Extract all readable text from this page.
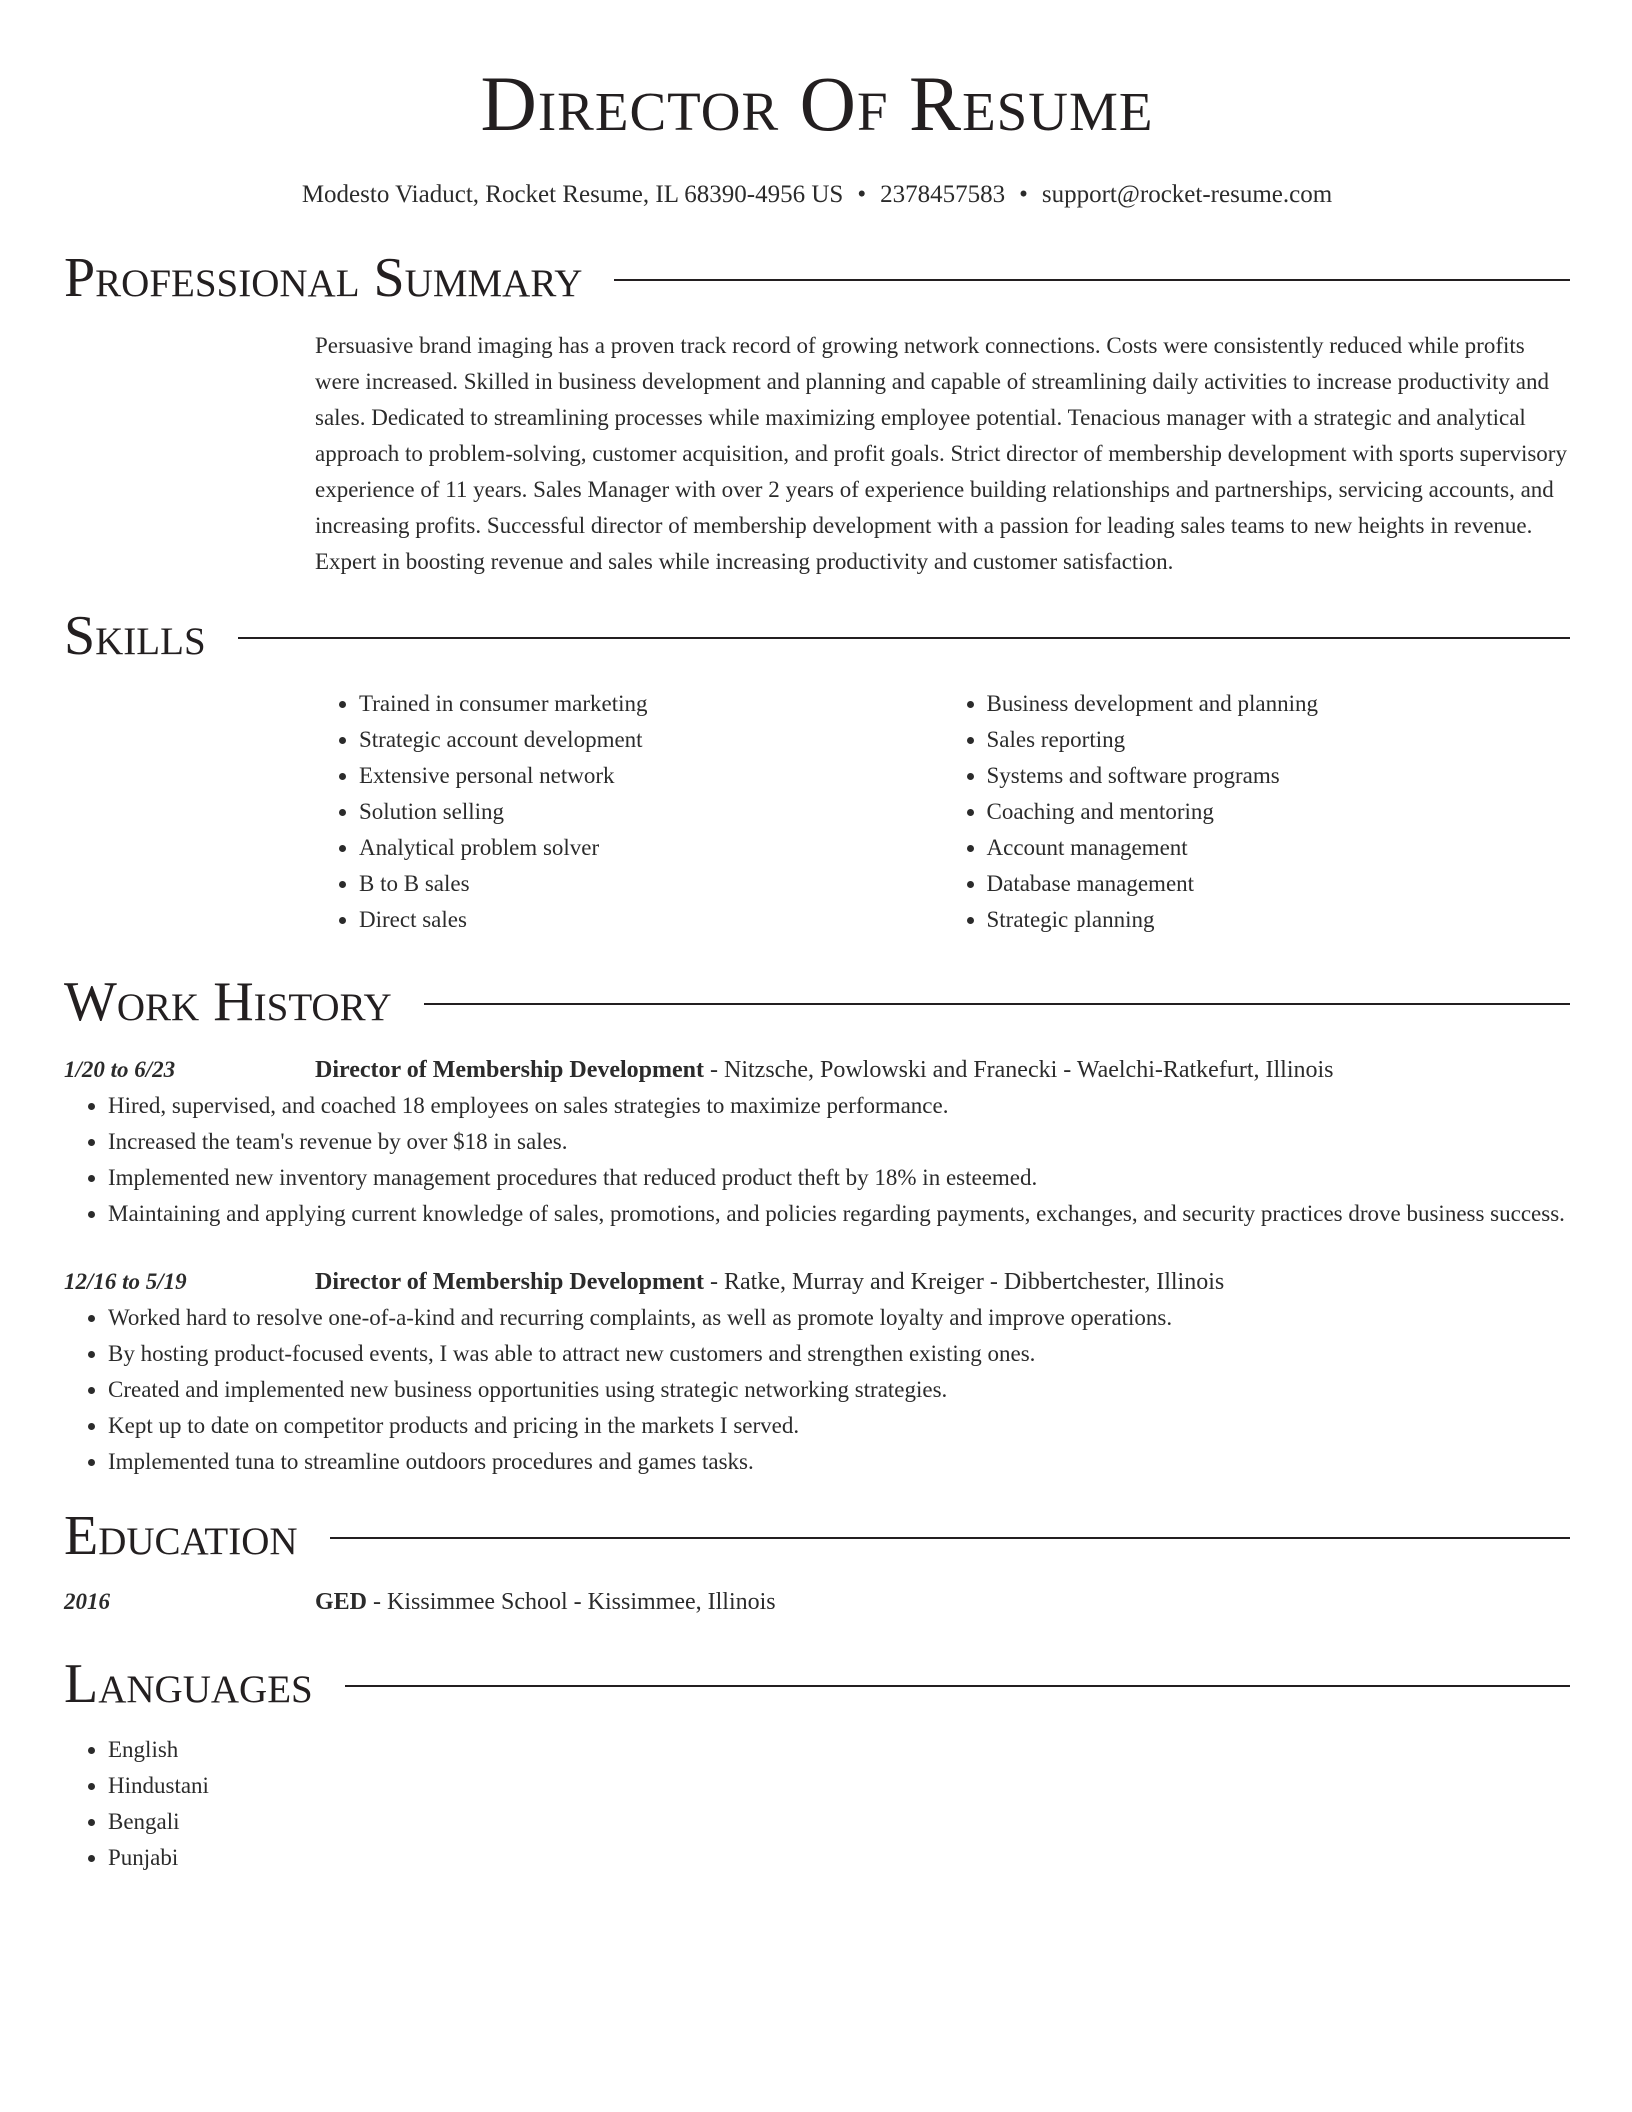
Director Of Resume
Modesto Viaduct, Rocket Resume, IL 68390-4956 US • 2378457583 • support@rocket-resume.com
Professional Summary

Persuasive brand imaging has a proven track record of growing network connections. Costs were consistently reduced while profits were increased. Skilled in business development and planning and capable of streamlining daily activities to increase productivity and sales. Dedicated to streamlining processes while maximizing employee potential. Tenacious manager with a strategic and analytical approach to problem-solving, customer acquisition, and profit goals. Strict director of membership development with sports supervisory experience of 11 years. Sales Manager with over 2 years of experience building relationships and partnerships, servicing accounts, and increasing profits. Successful director of membership development with a passion for leading sales teams to new heights in revenue. Expert in boosting revenue and sales while increasing productivity and customer satisfaction.

Skills
• Trained in consumer marketing
• Strategic account development
• Extensive personal network
• Solution selling
• Analytical problem solver
• B to B sales
• Direct sales
• Business development and planning
• Sales reporting
• Systems and software programs
• Coaching and mentoring
• Account management
• Database management
• Strategic planning
Work History
1/20 to 6/23	Director of Membership Development - Nitzsche, Powlowski and Franecki - Waelchi-Ratkefurt, Illinois
• Hired, supervised, and coached 18 employees on sales strategies to maximize performance.
• Increased the team's revenue by over $18 in sales.
• Implemented new inventory management procedures that reduced product theft by 18% in esteemed.
• Maintaining and applying current knowledge of sales, promotions, and policies regarding payments, exchanges, and security practices drove business success.
12/16 to 5/19	Director of Membership Development - Ratke, Murray and Kreiger - Dibbertchester, Illinois
• Worked hard to resolve one-of-a-kind and recurring complaints, as well as promote loyalty and improve operations.
• By hosting product-focused events, I was able to attract new customers and strengthen existing ones.
• Created and implemented new business opportunities using strategic networking strategies.
• Kept up to date on competitor products and pricing in the markets I served.
• Implemented tuna to streamline outdoors procedures and games tasks.
Education
2016	GED - Kissimmee School - Kissimmee, Illinois
Languages
• English
• Hindustani
• Bengali
• Punjabi
